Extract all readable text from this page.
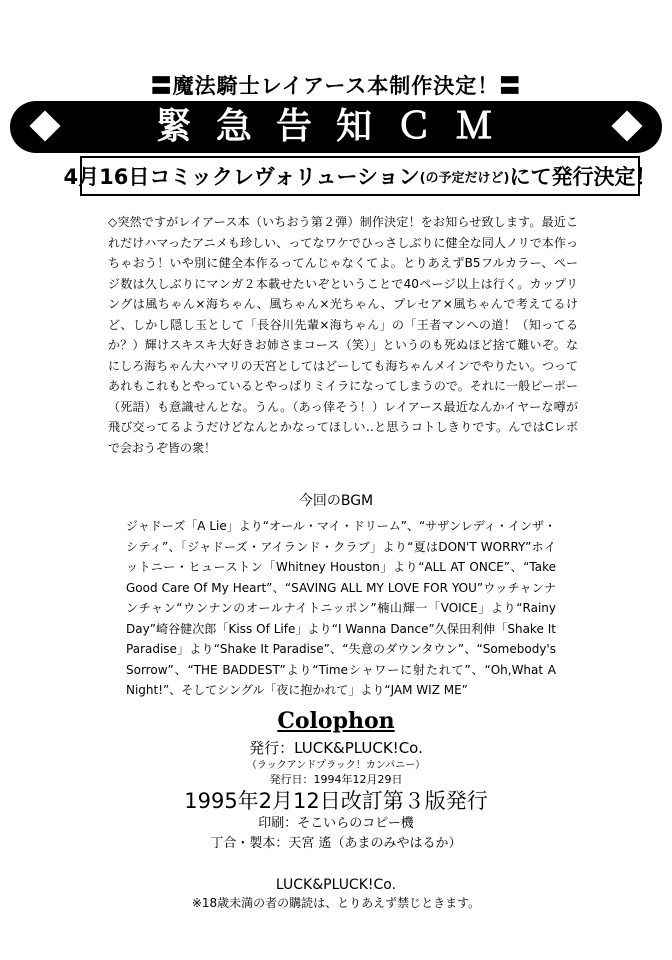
〓魔法騎士レイアース本制作決定！〓
緊急告知ＣＭ
4月16日コミックレヴォリューション (の予定だけど) にて発行決定！
◇突然ですがレイアース本（いちおう第２弾）制作決定！をお知らせ致します。最近これだけハマったアニメも珍しい、ってなワケでひっさしぶりに健全な同人ノリで本作っちゃおう！いや別に健全本作るってんじゃなくてよ。とりあえずB5フルカラー、ページ数は久しぶりにマンガ２本載せたいぞということで40ページ以上は行く。カップリングは風ちゃん×海ちゃん、風ちゃん×光ちゃん、プレセア×風ちゃんで考えてるけど、しかし隠し玉として「長谷川先輩×海ちゃん」の「王者マンへの道！（知ってるか？）輝けスキスキ大好きお姉さまコース（笑）」というのも死ぬほど捨て難いぞ。なにしろ海ちゃん大ハマリの天宮としてはどーしても海ちゃんメインでやりたい。つってあれもこれもとやっているとやっぱりミイラになってしまうので。それに一般ピーポー（死語）も意識せんとな。うん。（あっ倖そう！）レイアース最近なんかイヤーな噂が飛び交ってるようだけどなんとかなってほしい‥と思うコトしきりです。んではCレボで会おうぞ皆の衆！
今回のBGM
ジャドーズ「A Lie」より“オール・マイ・ドリーム”、“サザンレディ・インザ・シティ”、「ジャドーズ・アイランド・クラブ」より“夏はDON'T WORRY”ホイットニー・ヒューストン「Whitney Houston」より“ALL AT ONCE”、“Take Good Care Of My Heart”、“SAVING ALL MY LOVE FOR YOU”ウッチャンナンチャン“ウンナンのオールナイトニッポン”楠山輝一「VOICE」より“Rainy Day”崎谷健次郎「Kiss Of Life」より“I Wanna Dance”久保田利伸「Shake It Paradise」より“Shake It Paradise”、“失意のダウンタウン”、“Somebody's Sorrow”、“THE BADDEST”より“Timeシャワーに射たれて”、“Oh,What A Night!”、そしてシングル「夜に抱かれて」より“JAM WIZ ME”
Colophon
発行：LUCK&PLUCK!Co.
（ラックアンドプラック！カンパニー）
発行日：1994年12月29日
1995年2月12日改訂第３版発行
印刷：そこいらのコピー機
丁合・製本：天宮 遙（あまのみやはるか）
LUCK&PLUCK!Co.
※18歳未満の者の購読は、とりあえず禁じときます。
